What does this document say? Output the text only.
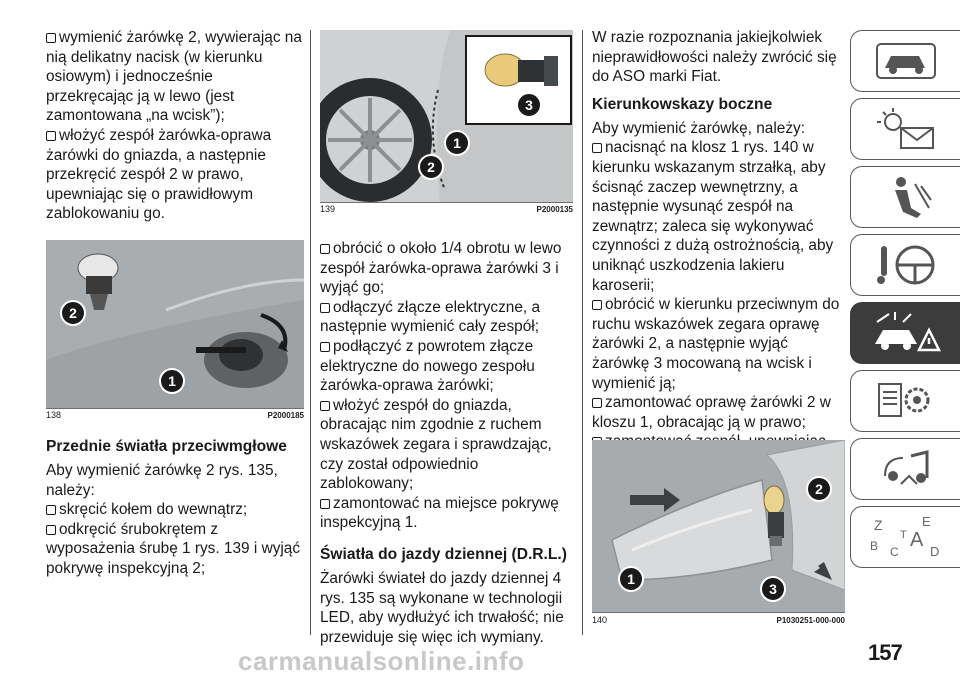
wymienić żarówkę 2, wywierając na nią delikatny nacisk (w kierunku osiowym) i jednocześnie przekręcając ją w lewo (jest zamontowana „na wcisk”);

włożyć zespół żarówka-oprawa żarówki do gniazda, a następnie przekręcić zespół 2 w prawo, upewniając się o prawidłowym zablokowaniu go.

2
1
138	P2000185
Przednie światła przeciwmgłowe

Aby wymienić żarówkę 2 rys. 135, należy:

skręcić kołem do wewnątrz;

odkręcić śrubokrętem z wyposażenia śrubę 1 rys. 139 i wyjąć pokrywę inspekcyjną 2;

3
1
2
139	P2000135

obrócić o około 1/4 obrotu w lewo zespół żarówka-oprawa żarówki 3 i wyjąć go;

odłączyć złącze elektryczne, a następnie wymienić cały zespół;

podłączyć z powrotem złącze elektryczne do nowego zespołu żarówka-oprawa żarówki;

włożyć zespół do gniazda, obracając nim zgodnie z ruchem wskazówek zegara i sprawdzając, czy został odpowiednio zablokowany;

zamontować na miejsce pokrywę inspekcyjną 1.

Światła do jazdy dziennej (D.R.L.)

Żarówki świateł do jazdy dziennej 4 rys. 135 są wykonane w technologii LED, aby wydłużyć ich trwałość; nie przewiduje się więc ich wymiany.

W razie rozpoznania jakiejkolwiek nieprawidłowości należy zwrócić się do ASO marki Fiat.

Kierunkowskazy boczne

Aby wymienić żarówkę, należy:

nacisnąć na klosz 1 rys. 140 w kierunku wskazanym strzałką, aby ścisnąć zaczep wewnętrzny, a następnie wysunąć zespół na zewnątrz; zaleca się wykonywać czynności z dużą ostrożnością, aby uniknąć uszkodzenia lakieru karoserii;

obrócić w kierunku przeciwnym do ruchu wskazówek zegara oprawę żarówki 2, a następnie wyjąć żarówkę 3 mocowaną na wcisk i wymienić ją;

zamontować oprawę żarówki 2 w kloszu 1, obracając ją w prawo;

2
1
3
140	P1030251-000-000
Z	E
B C
A
D
T
carmanualsonline.info	157
